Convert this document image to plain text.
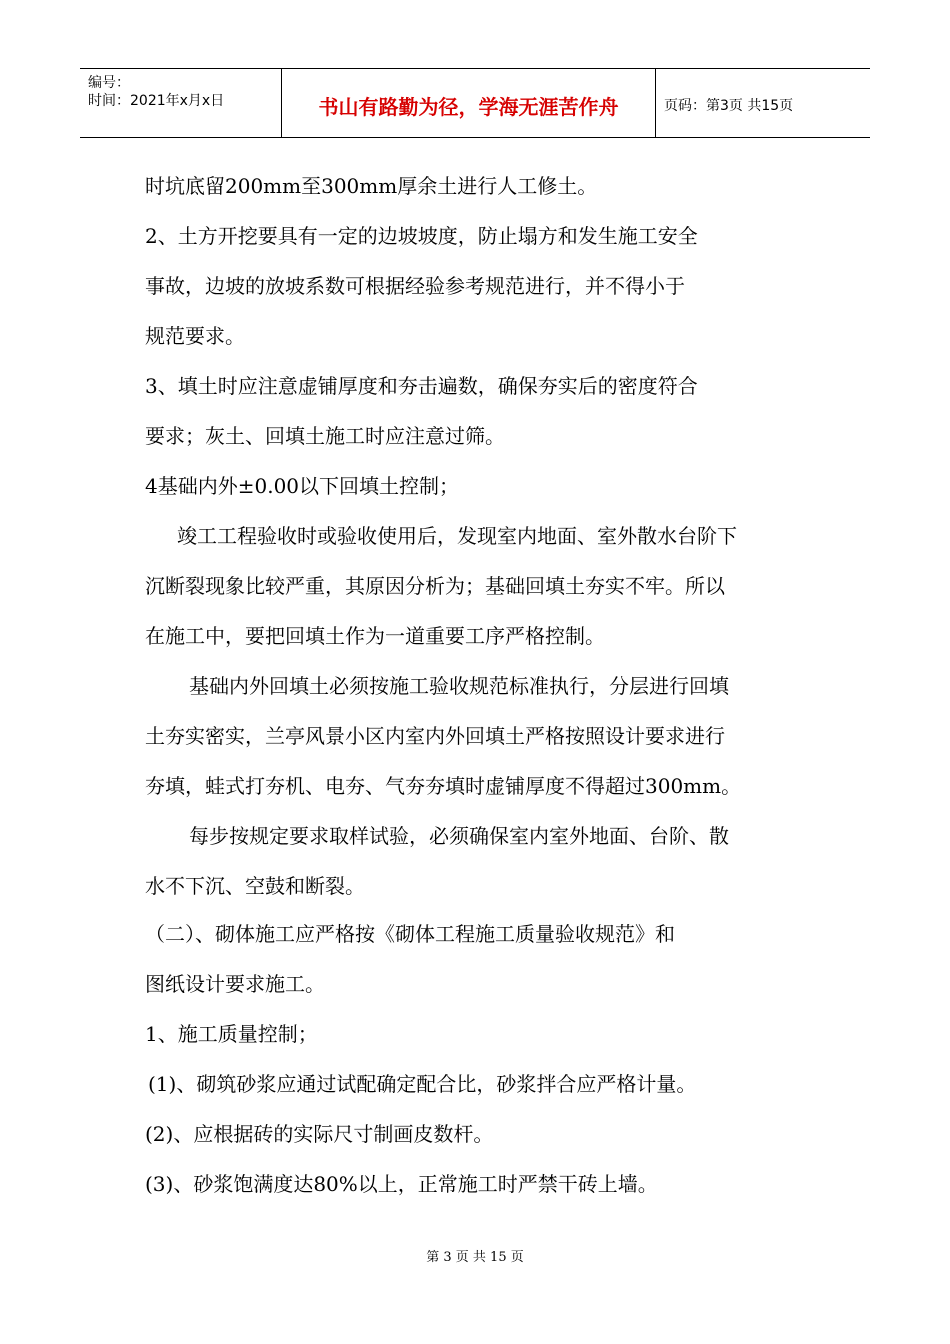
编号：
时间：2021年x月x日	书山有路勤为径，学海无涯苦作舟	页码：第3页 共15页
时坑底留200mm至300mm厚余土进行人工修土。
2、土方开挖要具有一定的边坡坡度，防止塌方和发生施工安全
事故，边坡的放坡系数可根据经验参考规范进行，并不得小于
规范要求。
3、填土时应注意虚铺厚度和夯击遍数，确保夯实后的密度符合
要求；灰土、回填土施工时应注意过筛。
4基础内外±0.00以下回填土控制；
竣工工程验收时或验收使用后，发现室内地面、室外散水台阶下
沉断裂现象比较严重，其原因分析为；基础回填土夯实不牢。所以
在施工中，要把回填土作为一道重要工序严格控制。
基础内外回填土必须按施工验收规范标准执行，分层进行回填
土夯实密实，兰亭风景小区内室内外回填土严格按照设计要求进行
夯填，蛙式打夯机、电夯、气夯夯填时虚铺厚度不得超过300mm。
每步按规定要求取样试验，必须确保室内室外地面、台阶、散
水不下沉、空鼓和断裂。
（二）、砌体施工应严格按《砌体工程施工质量验收规范》和
图纸设计要求施工。
1、施工质量控制；
(1)、砌筑砂浆应通过试配确定配合比，砂浆拌合应严格计量。
(2)、应根据砖的实际尺寸制画皮数杆。
(3)、砂浆饱满度达80%以上，正常施工时严禁干砖上墙。
第 3 页 共 15 页
